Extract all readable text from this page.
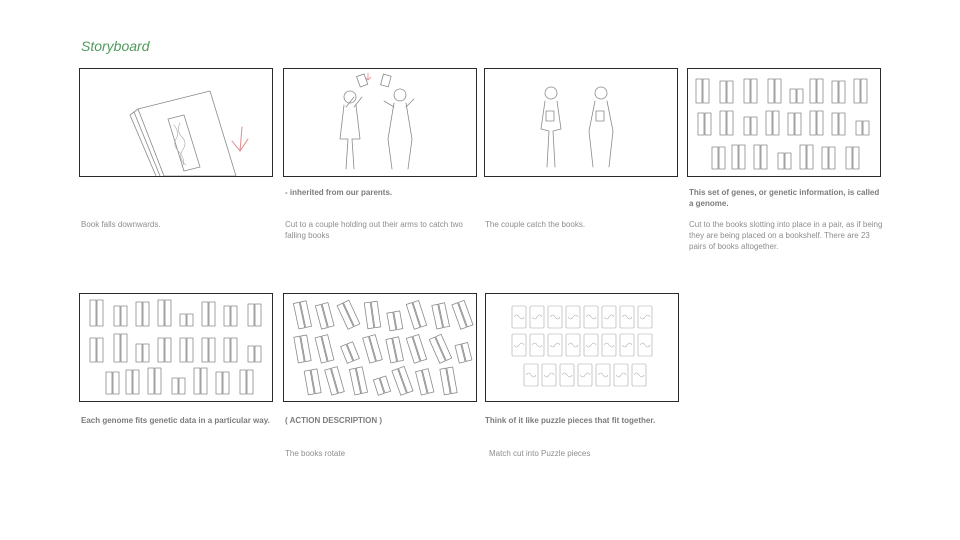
Storyboard
Book falls downwards.
- inherited from our parents.
Cut to a couple holding out their arms to catch two falling books
The couple catch the books.
This set of genes, or genetic information, is called a genome.
Cut to the books slotting into place in a pair, as if being they are being placed on a bookshelf. There are 23 pairs of books altogether.
Each genome fits genetic data in a particular way.	( ACTION DESCRIPTION )
The books rotate
Think of it like puzzle pieces that fit together.
Match cut into Puzzle pieces
